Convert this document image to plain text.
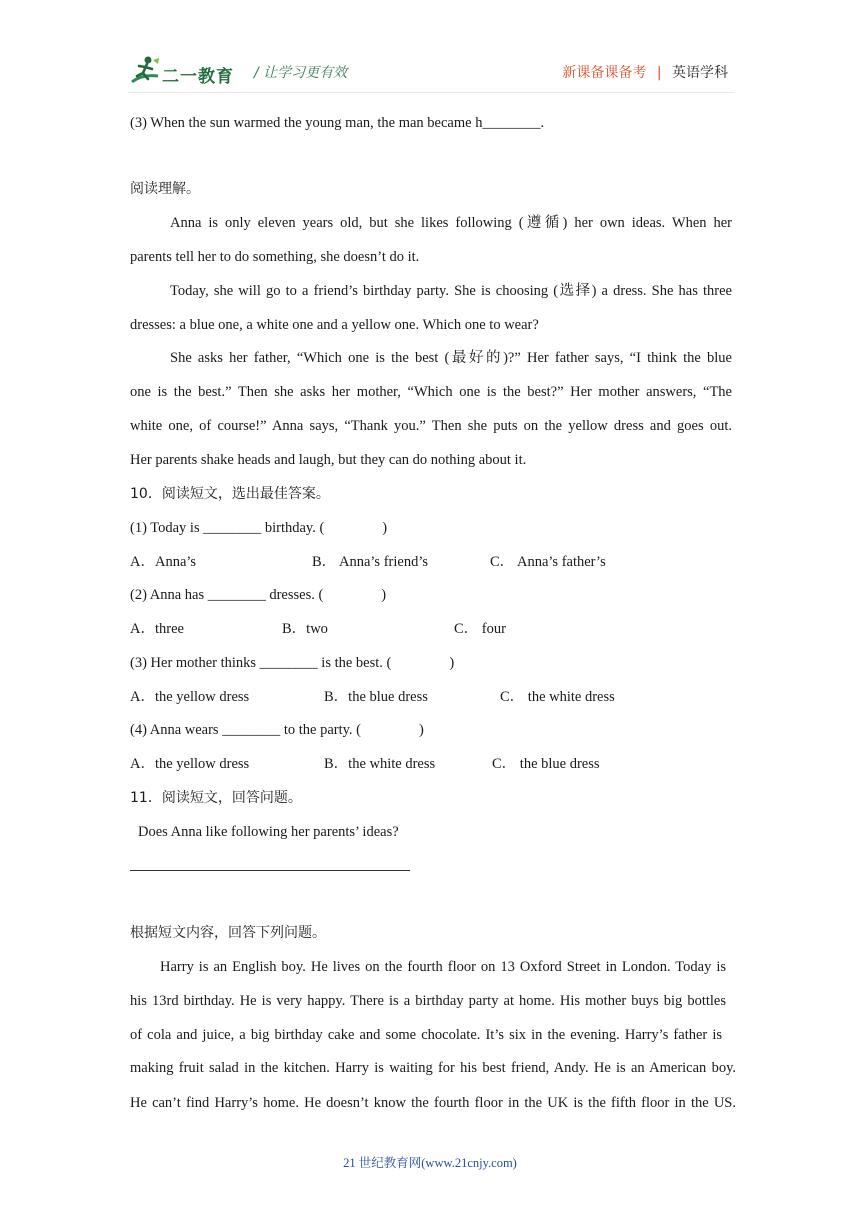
二一教育 / 让学习更有效	新课备课备考 | 英语学科
(3) When the sun warmed the young man, the man became h________.
阅读理解。
Anna is only eleven years old, but she likes following (遵循) her own ideas. When her
parents tell her to do something, she doesn’t do it.
Today, she will go to a friend’s birthday party. She is choosing (选择) a dress. She has three
dresses: a blue one, a white one and a yellow one. Which one to wear?
She asks her father, “Which one is the best (最好的)?” Her father says, “I think the blue
one is the best.” Then she asks her mother, “Which one is the best?” Her mother answers, “The
white one, of course!” Anna says, “Thank you.” Then she puts on the yellow dress and goes out.
Her parents shake heads and laugh, but they can do nothing about it.
10．阅读短文，选出最佳答案。
(1) Today is ________ birthday. (　　　　)
A．Anna’s	B． Anna’s friend’s	C． Anna’s father’s
(2) Anna has ________ dresses. (　　　　)
A．three	B．two	C． four
(3) Her mother thinks ________ is the best. (　　　　)
A．the yellow dress	B．the blue dress	C． the white dress
(4) Anna wears ________ to the party. (　　　　)
A．the yellow dress	B．the white dress	C． the blue dress
11．阅读短文，回答问题。
Does Anna like following her parents’ ideas?
根据短文内容，回答下列问题。
Harry is an English boy. He lives on the fourth floor on 13 Oxford Street in London. Today is
his 13rd birthday. He is very happy. There is a birthday party at home. His mother buys big bottles
of cola and juice, a big birthday cake and some chocolate. It’s six in the evening. Harry’s father is
making fruit salad in the kitchen. Harry is waiting for his best friend, Andy. He is an American boy.
He can’t find Harry’s home. He doesn’t know the fourth floor in the UK is the fifth floor in the US.
21 世纪教育网(www.21cnjy.com)
